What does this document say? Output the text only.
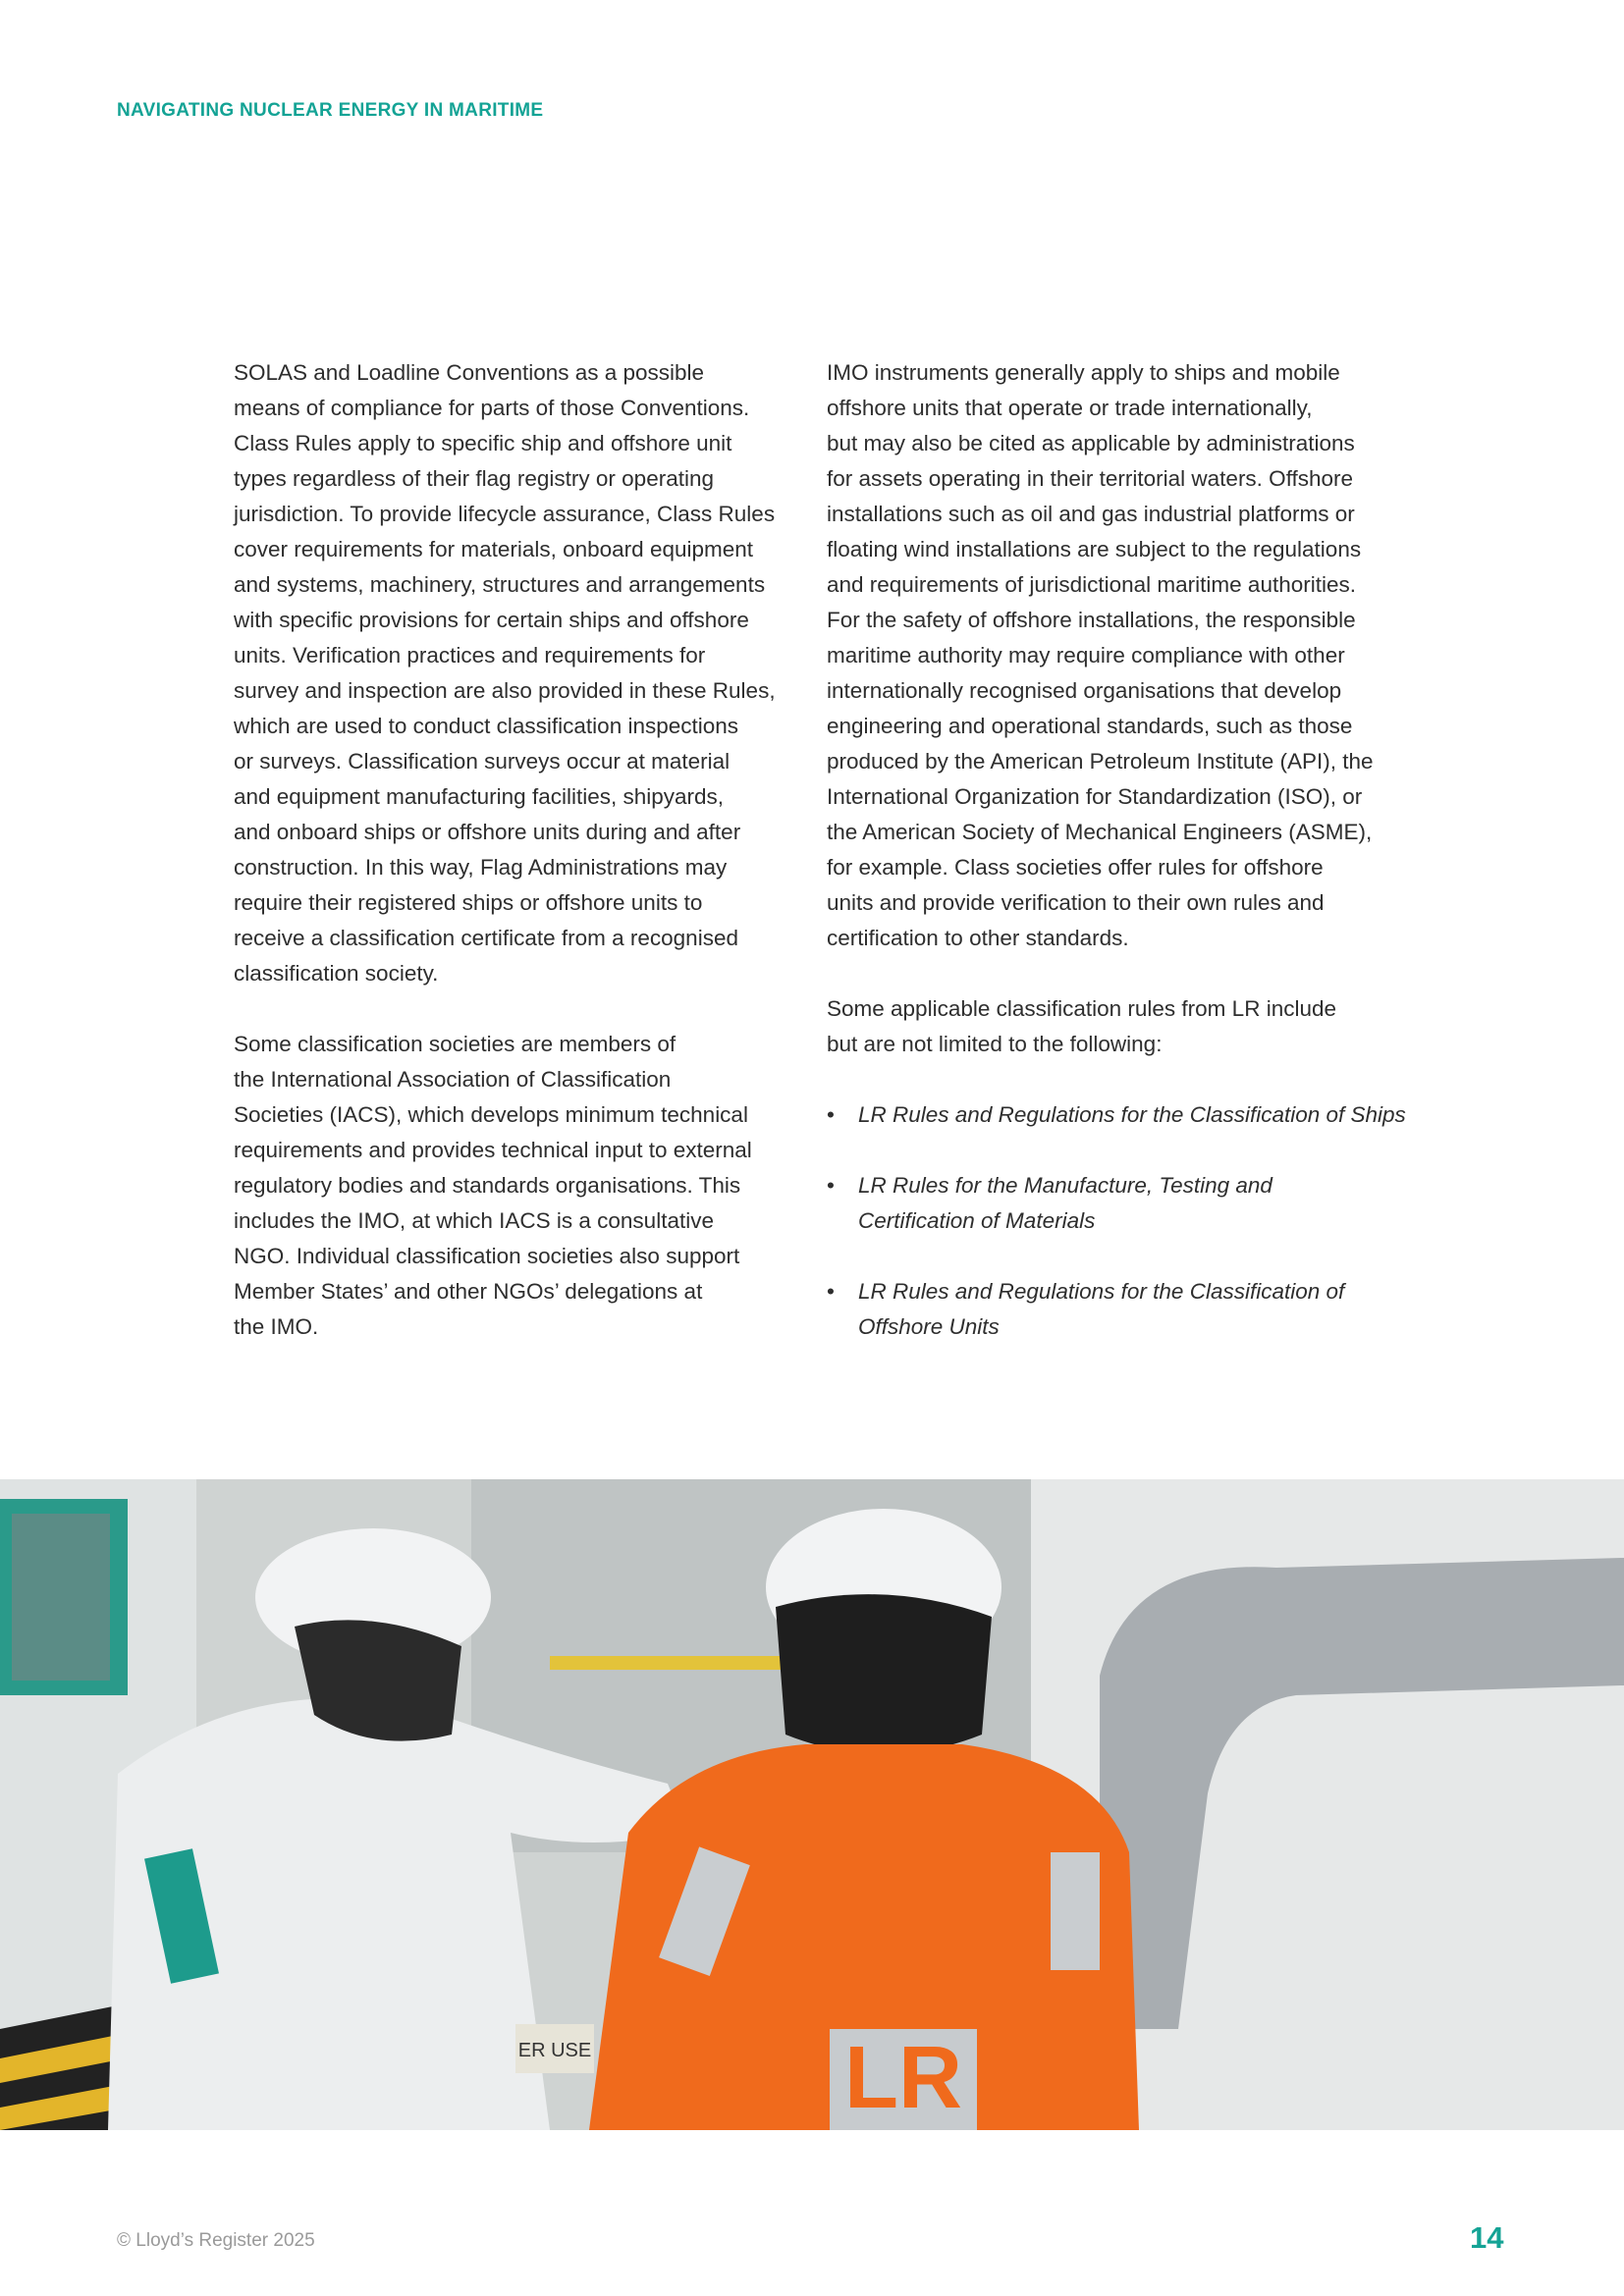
NAVIGATING NUCLEAR ENERGY IN MARITIME
SOLAS and Loadline Conventions as a possible
means of compliance for parts of those Conventions.
Class Rules apply to specific ship and offshore unit
types regardless of their flag registry or operating
jurisdiction. To provide lifecycle assurance, Class Rules
cover requirements for materials, onboard equipment
and systems, machinery, structures and arrangements
with specific provisions for certain ships and offshore
units. Verification practices and requirements for
survey and inspection are also provided in these Rules,
which are used to conduct classification inspections
or surveys. Classification surveys occur at material
and equipment manufacturing facilities, shipyards,
and onboard ships or offshore units during and after
construction. In this way, Flag Administrations may
require their registered ships or offshore units to
receive a classification certificate from a recognised
classification society.
Some classification societies are members of
the International Association of Classification
Societies (IACS), which develops minimum technical
requirements and provides technical input to external
regulatory bodies and standards organisations. This
includes the IMO, at which IACS is a consultative
NGO. Individual classification societies also support
Member States’ and other NGOs’ delegations at
the IMO.
IMO instruments generally apply to ships and mobile
offshore units that operate or trade internationally,
but may also be cited as applicable by administrations
for assets operating in their territorial waters. Offshore
installations such as oil and gas industrial platforms or
floating wind installations are subject to the regulations
and requirements of jurisdictional maritime authorities.
For the safety of offshore installations, the responsible
maritime authority may require compliance with other
internationally recognised organisations that develop
engineering and operational standards, such as those
produced by the American Petroleum Institute (API), the
International Organization for Standardization (ISO), or
the American Society of Mechanical Engineers (ASME),
for example. Class societies offer rules for offshore
units and provide verification to their own rules and
certification to other standards.
Some applicable classification rules from LR include
but are not limited to the following:
• LR Rules and Regulations for the Classification of Ships
• LR Rules for the Manufacture, Testing and
Certification of Materials
• LR Rules and Regulations for the Classification of
Offshore Units
LR
ER USE
© Lloyd’s Register 2025	14
